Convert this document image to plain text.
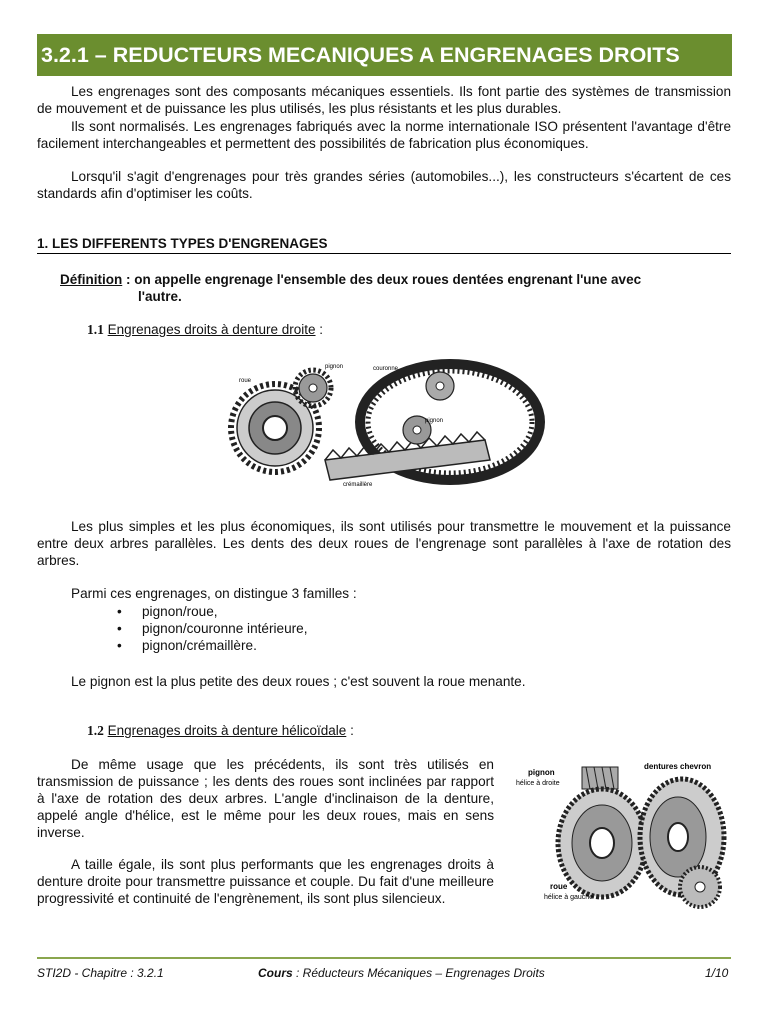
3.2.1 – REDUCTEURS MECANIQUES A ENGRENAGES DROITS

Les engrenages sont des composants mécaniques essentiels. Ils font partie des systèmes de transmission de mouvement et de puissance les plus utilisés, les plus résistants et les plus durables.

Ils sont normalisés. Les engrenages fabriqués avec la norme internationale ISO présentent l'avantage d'être facilement interchangeables et permettent des possibilités de fabrication plus économiques.

Lorsqu'il s'agit d'engrenages pour très grandes séries (automobiles...), les constructeurs s'écartent de ces standards afin d'optimiser les coûts.

1. LES DIFFERENTS TYPES D'ENGRENAGES
Définition : on appelle engrenage l'ensemble des deux roues dentées engrenant l'une avec
l'autre.
1.1 Engrenages droits à denture droite :
roue
pignon	couronne
pignon
crémaillère

Les plus simples et les plus économiques, ils sont utilisés pour transmettre le mouvement et la puissance entre deux arbres parallèles. Les dents des deux roues de l'engrenage sont parallèles à l'axe de rotation des arbres.

Parmi ces engrenages, on distingue 3 familles :

• pignon/roue,
• pignon/couronne intérieure,
• pignon/crémaillère.

Le pignon est la plus petite des deux roues ; c'est souvent la roue menante.

1.2 Engrenages droits à denture hélicoïdale :

De même usage que les précédents, ils sont très utilisés en transmission de puissance ; les dents des roues sont inclinées par rapport à l'axe de rotation des deux arbres. L'angle d'inclinaison de la denture, appelé angle d'hélice, est le même pour les deux roues, mais en sens inverse.

A taille égale, ils sont plus performants que les engrenages droits à denture droite pour transmettre puissance et couple. Du fait d'une meilleure progressivité et continuité de l'engrènement, ils sont plus silencieux.

pignon
hélice à droite
dentures chevron
roue
hélice à gauche
STI2D - Chapitre : 3.2.1	Cours : Réducteurs Mécaniques – Engrenages Droits	1/10
